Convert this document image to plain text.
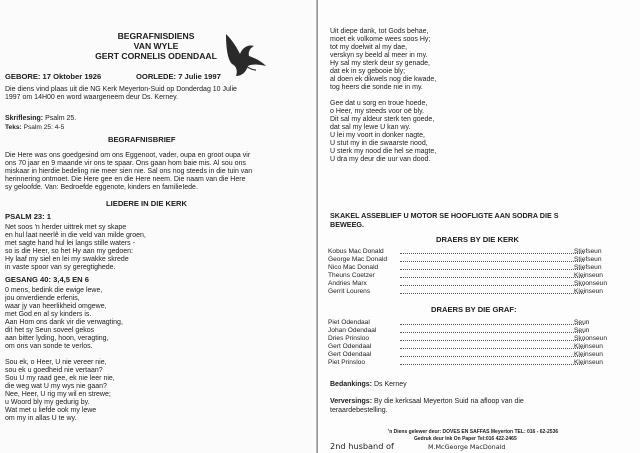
BEGRAFNISDIENS
VAN WYLE
GERT CORNELIS ODENDAAL
GEBORE: 17 Oktober 1926	OORLEDE: 7 Julie 1997

Die diens vind plaas uit die NG Kerk Meyerton-Suid op Donderdag 10 Julie

1997 om 14H00 en word waargeneem deur Ds. Kerney.

Skriflesing: Psalm 25.
Teks: Psalm 25: 4-5
BEGRAFNISBRIEF

Die Here was ons goedgesind om ons Eggenoot, vader, oupa en groot oupa vir

ons 70 jaar en 9 maande vir ons te spaar. Ons gaan hom baie mis. Al sou ons

miskaar in hierdie bedeling nie meer sien nie. Sal ons nog steeds in die tuin van

herinnering ontmoet. Die Here gee en die Here neem. Die naam van die Here

sy geloofde. Van: Bedroefde eggenote, kinders en familieIede.

LIEDERE IN DIE KERK
PSALM 23: 1

Net soos 'n herder uittrek met sy skape

en hul laat neerlê in die veld van milde groen,

met sagte hand hul lei langs stille waters -

so is die Heer, so het Hy aan my gedoen:

Hy laaf my siel en lei my swakke skrede

in vaste spoor van sy geregtighede.

GESANG 40: 3,4,5 EN 6

0 mens, bedink die ewige lewe,

jou onverdiende erfenis,

waar jy van heerlikheid omgewe,

met God en al sy kinders is.

Aan Hom ons dank vir die verwagting,

dit het sy Seun soveel gekos

aan bitter lyding, hoon, veragting,

om ons van sonde te verlos.

Sou ek, o Heer, U nie vereer nie,

sou ek u goedheid nie vertaan?

Sou U my raad gee, ek nie leer nie,

die weg wat U my wys nie gaan?

Nee, Heer, U rig my wil en strewe;

u Woord bly my gedurig by.

Wat met u liefde ook my lewe

om my in allas U te wy.

Uit diepe dank, tot Gods behae,

moet ek volkome wees soos Hy;

tot my doelwit al my dae,

verskyn sy beeld al meer in my.

Hy sal my sterk deur sy genade,

dat ek in sy gebooie bly;

al doen ek dikwels nog die kwade,

tog heers die sonde nie in my.

Gee dat u sorg en troue hoede,

o Heer, my steeds voor oë bly.

Dit sal my aldeur sterk ten goede,

dat sal my lewe U kan wy.

U lei my voort in donker nagte,

U stut my in die swaarste nood,

U sterk my nood die hel se magte,

U dra my deur die uur van dood.

SKAKEL ASSEBLIEF U MOTOR SE HOOFLIGTE AAN SODRA DIE S
BEWEEG.
DRAERS BY DIE KERK
Kobus Mac Donald	Stiefseun
George Mac Donald	Stiefseun
Nico Mac Donald	Stiefseun
Theuns Coetzer	Kleinseun
Andries Marx	Skoonseun
Gerrit Lourens	Kleinseun
DRAERS BY DIE GRAF:
Piet Odendaal	Seun
Johan Odendaal	Seun
Dries Prinsloo	Skoonseun
Gert Odendaal	Kleinseun
Gert Odendaal	Kleinseun
Piet Prinsloo	Kleinseun
Bedankings: Ds Kerney
Verversings: By die kerksaal Meyerton Suid na afloop van die
teraardebestelling.
'n Diens gelewer deur: DOVES EN SAFFAS Meyerton TEL: 016 - 62-2536
Gedruk deur Ink On Paper Tel:016 422-2465
2nd husband of	M.McGeorge MacDonald
